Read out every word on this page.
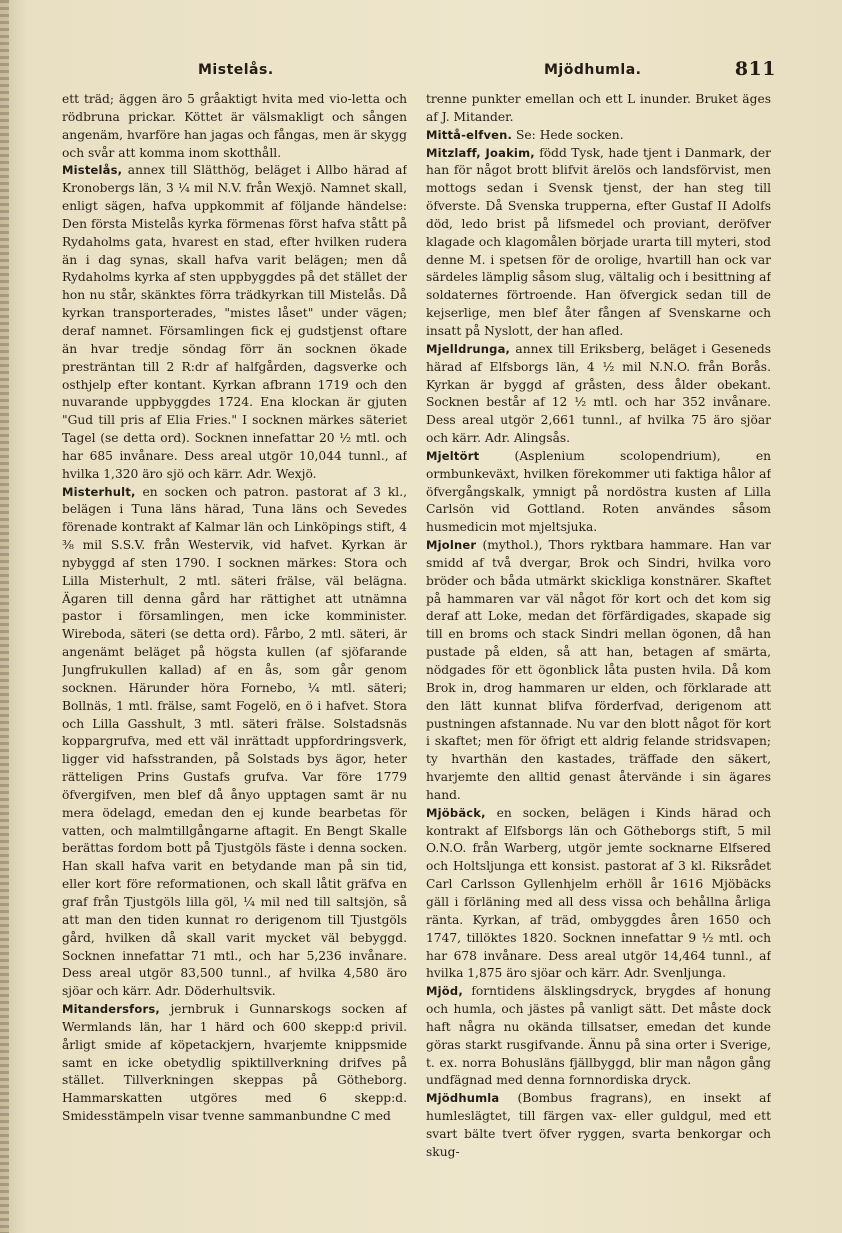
Mistelås.	Mjödhumla.	811

ett träd; äggen äro 5 gråaktigt hvita med vio-letta och rödbruna prickar. Köttet är välsmakligt och sången angenäm, hvarföre han jagas och fångas, men är skygg och svår att komma inom skotthåll.

Mistelås, annex till Slätthög, beläget i Allbo härad af Kronobergs län, 3 ¼ mil N.V. från Wexjö. Namnet skall, enligt sägen, hafva uppkommit af följande händelse: Den första Mistelås kyrka förmenas först hafva stått på Rydaholms gata, hvarest en stad, efter hvilken rudera än i dag synas, skall hafva varit belägen; men då Rydaholms kyrka af sten uppbyggdes på det stället der hon nu står, skänktes förra trädkyrkan till Mistelås. Då kyrkan transporterades, "mistes låset" under vägen; deraf namnet. Församlingen fick ej gudstjenst oftare än hvar tredje söndag förr än socknen ökade presträntan till 2 R:dr af halfgården, dagsverke och osthjelp efter kontant. Kyrkan afbrann 1719 och den nuvarande uppbyggdes 1724. Ena klockan är gjuten "Gud till pris af Elia Fries." I socknen märkes säteriet Tagel (se detta ord). Socknen innefattar 20 ½ mtl. och har 685 invånare. Dess areal utgör 10,044 tunnl., af hvilka 1,320 äro sjö och kärr. Adr. Wexjö.

Misterhult, en socken och patron. pastorat af 3 kl., belägen i Tuna läns härad, Tuna läns och Sevedes förenade kontrakt af Kalmar län och Linköpings stift, 4 ⅜ mil S.S.V. från Westervik, vid hafvet. Kyrkan är nybyggd af sten 1790. I socknen märkes: Stora och Lilla Misterhult, 2 mtl. säteri frälse, väl belägna. Ägaren till denna gård har rättighet att utnämna pastor i församlingen, men icke komminister. Wireboda, säteri (se detta ord). Fårbo, 2 mtl. säteri, är angenämt beläget på högsta kullen (af sjöfarande Jungfrukullen kallad) af en ås, som går genom socknen. Härunder höra Fornebo, ¼ mtl. säteri; Bollnäs, 1 mtl. frälse, samt Fogelö, en ö i hafvet. Stora och Lilla Gasshult, 3 mtl. säteri frälse. Solstadsnäs koppargrufva, med ett väl inrättadt uppfordringsverk, ligger vid hafsstranden, på Solstads bys ägor, heter rätteligen Prins Gustafs grufva. Var före 1779 öfvergifven, men blef då ånyo upptagen samt är nu mera ödelagd, emedan den ej kunde bearbetas för vatten, och malmtillgångarne aftagit. En Bengt Skalle berättas fordom bott på Tjustgöls fäste i denna socken. Han skall hafva varit en betydande man på sin tid, eller kort före reformationen, och skall låtit gräfva en graf från Tjustgöls lilla göl, ¼ mil ned till saltsjön, så att man den tiden kunnat ro derigenom till Tjustgöls gård, hvilken då skall varit mycket väl bebyggd. Socknen innefattar 71 mtl., och har 5,236 invånare. Dess areal utgör 83,500 tunnl., af hvilka 4,580 äro sjöar och kärr. Adr. Döderhultsvik.

Mitandersfors, jernbruk i Gunnarskogs socken af Wermlands län, har 1 härd och 600 skepp:d privil. årligt smide af köpetackjern, hvarjemte knippsmide samt en icke obetydlig spiktillverkning drifves på stället. Tillverkningen skeppas på Götheborg. Hammarskatten utgöres med 6 skepp:d. Smidesstämpeln visar tvenne sammanbundne C med

trenne punkter emellan och ett L inunder. Bruket äges af J. Mitander.

Mittå-elfven. Se: Hede socken.

Mitzlaff, Joakim, född Tysk, hade tjent i Danmark, der han för något brott blifvit ärelös och landsförvist, men mottogs sedan i Svensk tjenst, der han steg till öfverste. Då Svenska trupperna, efter Gustaf II Adolfs död, ledo brist på lifsmedel och proviant, deröfver klagade och klagomålen började urarta till myteri, stod denne M. i spetsen för de orolige, hvartill han ock var särdeles lämplig såsom slug, vältalig och i besittning af soldaternes förtroende. Han öfvergick sedan till de kejserlige, men blef åter fången af Svenskarne och insatt på Nyslott, der han afled.

Mjelldrunga, annex till Eriksberg, beläget i Geseneds härad af Elfsborgs län, 4 ½ mil N.N.O. från Borås. Kyrkan är byggd af gråsten, dess ålder obekant. Socknen består af 12 ½ mtl. och har 352 invånare. Dess areal utgör 2,661 tunnl., af hvilka 75 äro sjöar och kärr. Adr. Alingsås.

Mjeltört	(Asplenium scolopendrium), en ormbunkeväxt, hvilken förekommer uti faktiga hålor af öfvergångskalk, ymnigt på nordöstra kusten af Lilla Carlsön vid Gottland. Roten användes såsom husmedicin mot mjeltsjuka.

Mjolner (mythol.), Thors ryktbara hammare. Han var smidd af två dvergar, Brok och Sindri, hvilka voro bröder och båda utmärkt skickliga konstnärer. Skaftet på hammaren var väl något för kort och det kom sig deraf att Loke, medan det förfärdigades, skapade sig till en broms och stack Sindri mellan ögonen, då han pustade på elden, så att han, betagen af smärta, nödgades för ett ögonblick låta pusten hvila. Då kom Brok in, drog hammaren ur elden, och förklarade att den lätt kunnat blifva förderfvad, derigenom att pustningen afstannade. Nu var den blott något för kort i skaftet; men för öfrigt ett aldrig felande stridsvapen; ty hvarthän den kastades, träffade den säkert, hvarjemte den alltid genast återvände i sin ägares hand.

Mjöbäck, en socken, belägen i Kinds härad och kontrakt af Elfsborgs län och Götheborgs stift, 5 mil O.N.O. från Warberg, utgör jemte socknarne Elfsered och Holtsljunga ett konsist. pastorat af 3 kl. Riksrådet Carl Carlsson Gyllenhjelm erhöll år 1616 Mjöbäcks gäll i förläning med all dess vissa och behållna årliga ränta. Kyrkan, af träd, ombyggdes åren 1650 och 1747, tillöktes 1820. Socknen innefattar 9 ½ mtl. och har 678 invånare. Dess areal utgör 14,464 tunnl., af hvilka 1,875 äro sjöar och kärr. Adr. Svenljunga.

Mjöd, forntidens älsklingsdryck, brygdes af honung och humla, och jästes på vanligt sätt. Det måste dock haft några nu okända tillsatser, emedan det kunde göras starkt rusgifvande. Ännu på sina orter i Sverige, t. ex. norra Bohusläns fjällbyggd, blir man någon gång undfägnad med denna fornnordiska dryck.

Mjödhumla (Bombus fragrans), en insekt af humleslägtet, till färgen vax- eller guldgul, med ett svart bälte tvert öfver ryggen, svarta benkorgar och skug-
